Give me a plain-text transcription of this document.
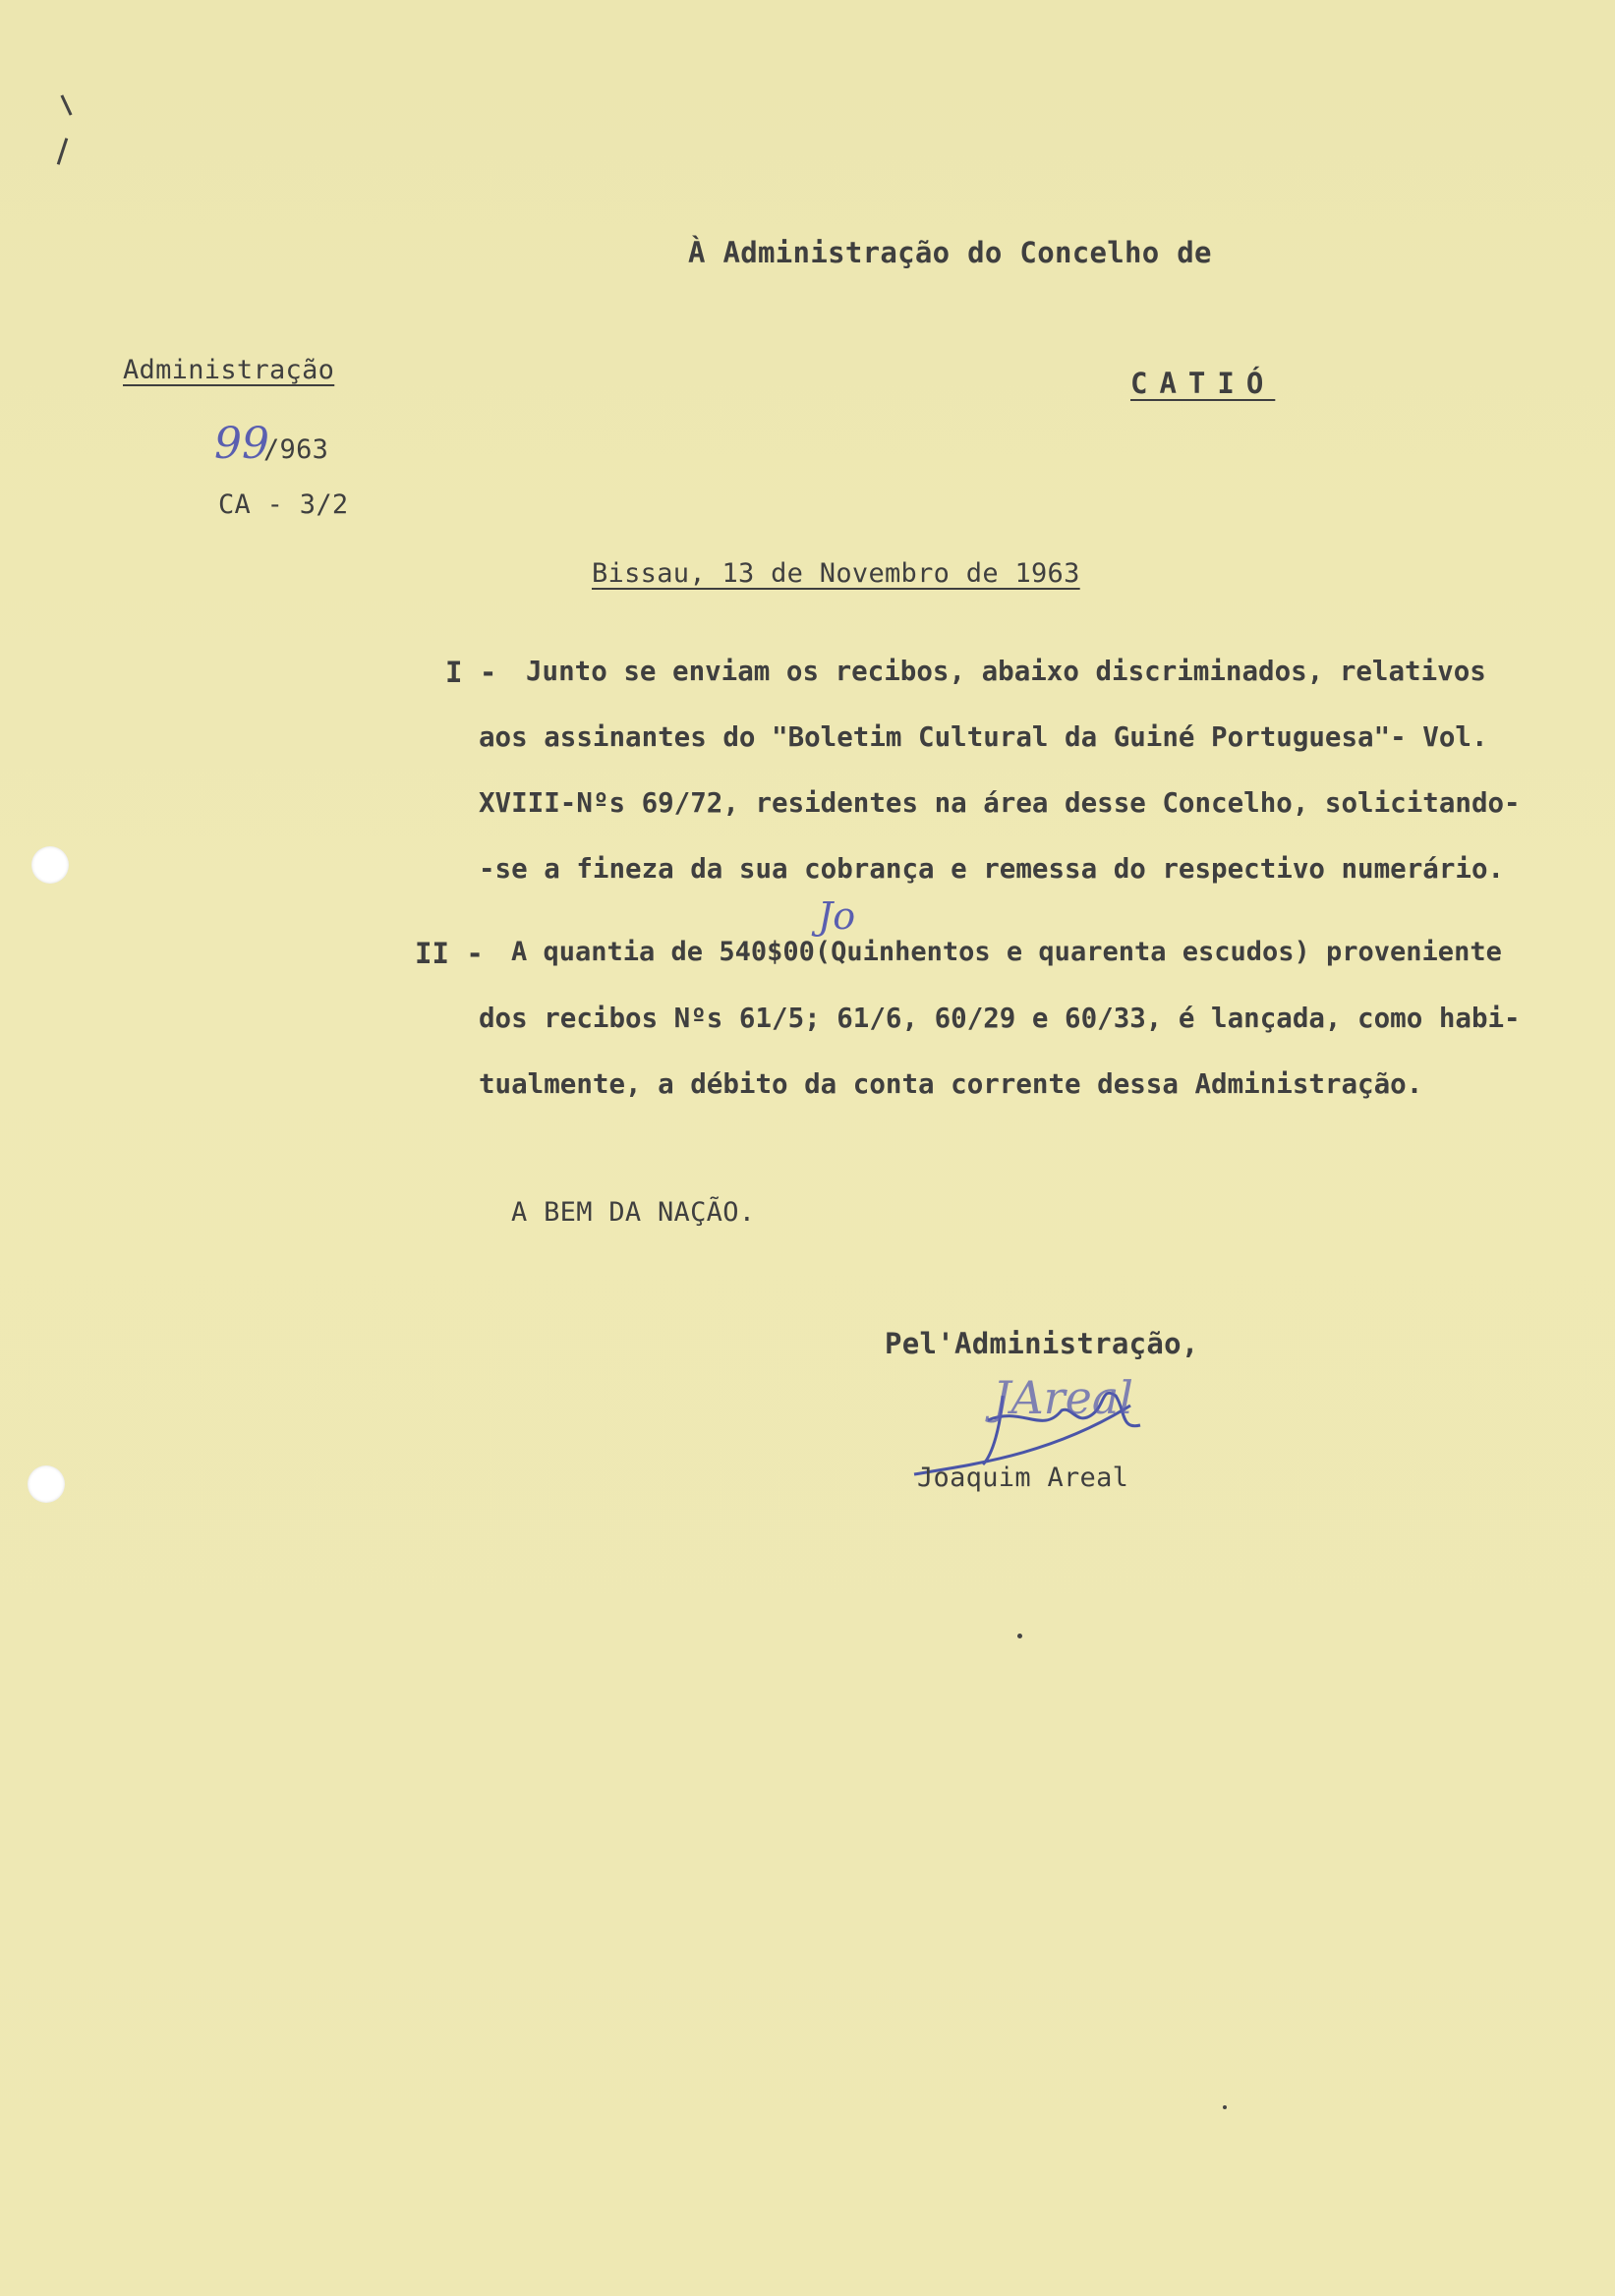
À Administração do Concelho de
CATIÓ
Administração
99
/963
CA - 3/2
Bissau, 13 de Novembro de 1963
I - Junto se enviam os recibos, abaixo discriminados, relativos
aos assinantes do "Boletim Cultural da Guiné Portuguesa"- Vol.
XVIII-Nºs 69/72, residentes na área desse Concelho, solicitando-
-se a fineza da sua cobrança e remessa do respectivo numerário.
II - A quantia de 540$00(Quinhentos e quarenta escudos) proveniente
dos recibos Nºs 61/5; 61/6, 60/29 e 60/33, é lançada, como habi-
tualmente, a débito da conta corrente dessa Administração.
Jo
A BEM DA NAÇÃO.
Pel'Administração,
JAreal
Joaquim Areal
